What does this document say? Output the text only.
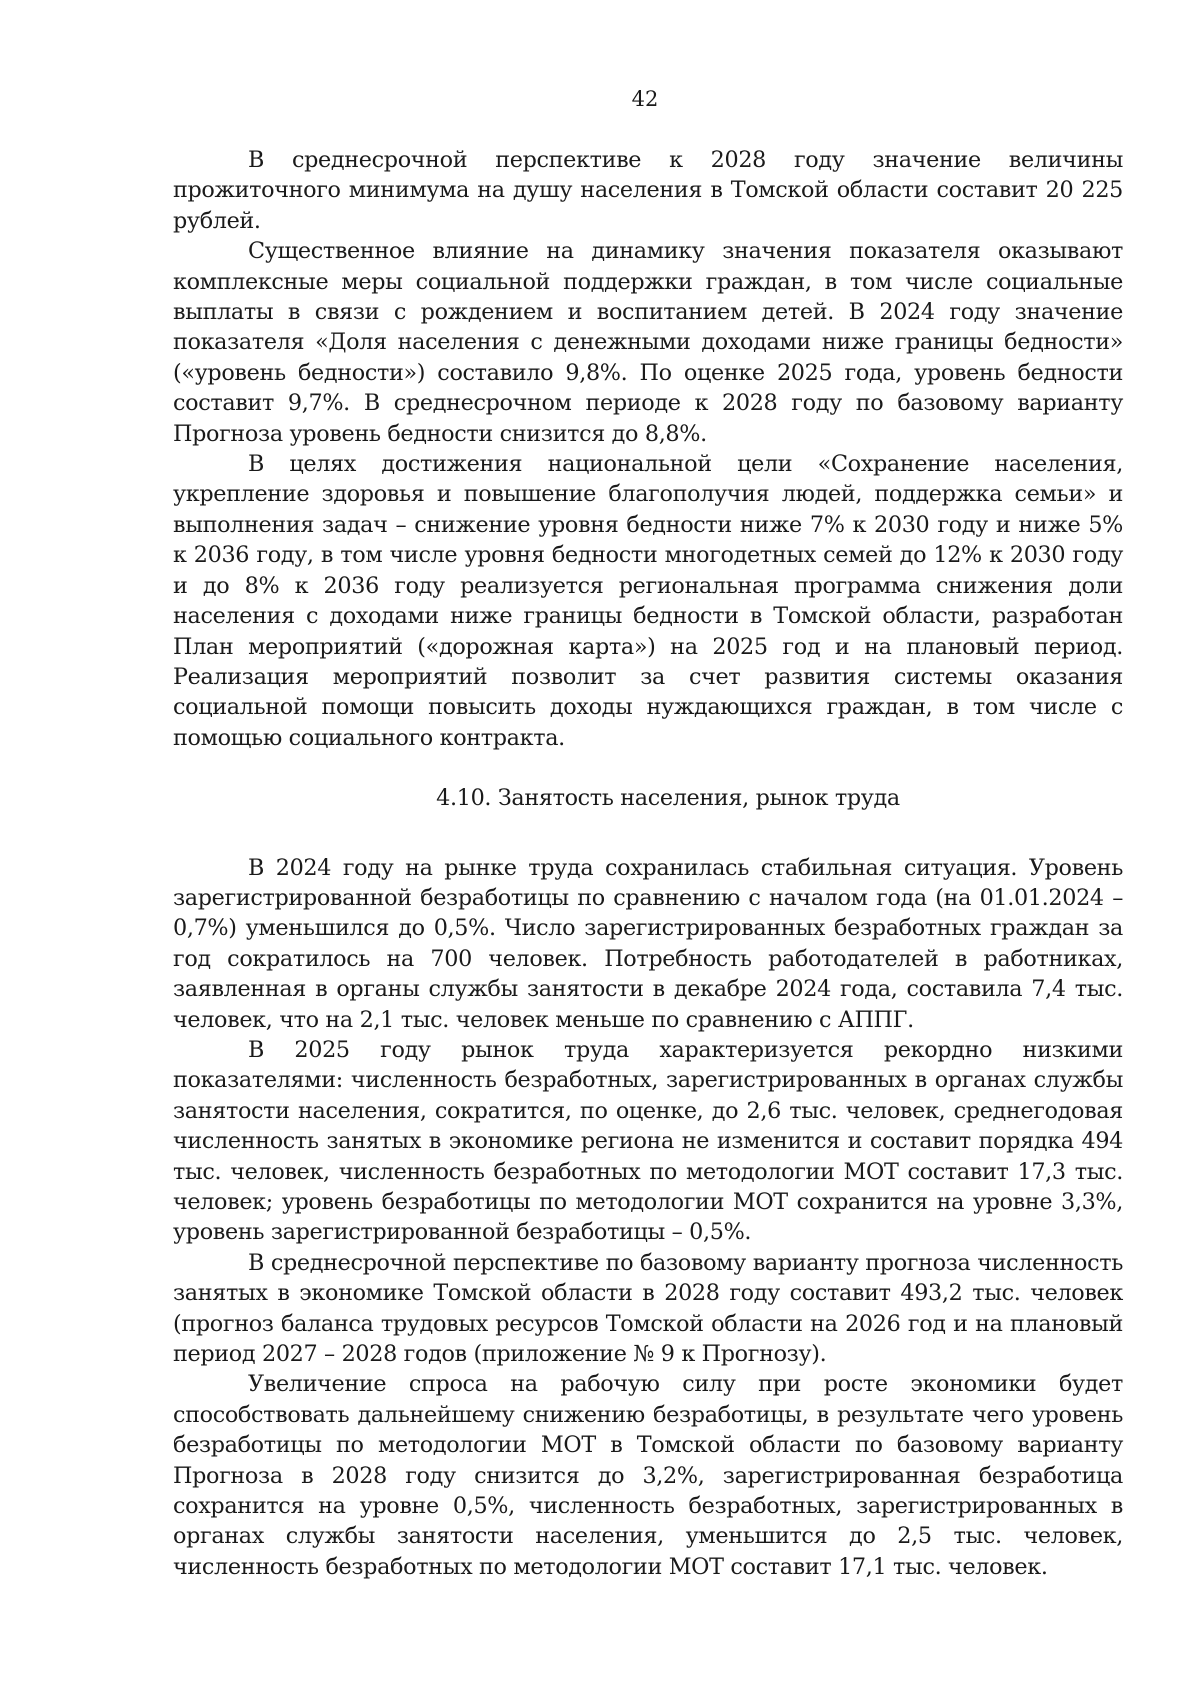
42

В среднесрочной перспективе к 2028 году значение величины прожиточного минимума на душу населения в Томской области составит 20 225 рублей.

Существенное влияние на динамику значения показателя оказывают комплексные меры социальной поддержки граждан, в том числе социальные выплаты в связи с рождением и воспитанием детей. В 2024 году значение показателя «Доля населения с денежными доходами ниже границы бедности» («уровень бедности») составило 9,8%. По оценке 2025 года, уровень бедности составит 9,7%. В среднесрочном периоде к 2028 году по базовому варианту Прогноза уровень бедности снизится до 8,8%.

В целях достижения национальной цели «Сохранение населения, укрепление здоровья и повышение благополучия людей, поддержка семьи» и выполнения задач – снижение уровня бедности ниже 7% к 2030 году и ниже 5% к 2036 году, в том числе уровня бедности многодетных семей до 12% к 2030 году и до 8% к 2036 году реализуется региональная программа снижения доли населения с доходами ниже границы бедности в Томской области, разработан План мероприятий («дорожная карта») на 2025 год и на плановый период. Реализация мероприятий позволит за счет развития системы оказания социальной помощи повысить доходы нуждающихся граждан, в том числе с помощью социального контракта.

4.10. Занятость населения, рынок труда

В 2024 году на рынке труда сохранилась стабильная ситуация. Уровень зарегистрированной безработицы по сравнению с началом года (на 01.01.2024 – 0,7%) уменьшился до 0,5%. Число зарегистрированных безработных граждан за год сократилось на 700 человек. Потребность работодателей в работниках, заявленная в органы службы занятости в декабре 2024 года, составила 7,4 тыс. человек, что на 2,1 тыс. человек меньше по сравнению с АППГ.

В 2025 году рынок труда характеризуется рекордно низкими показателями: численность безработных, зарегистрированных в органах службы занятости населения, сократится, по оценке, до 2,6 тыс. человек, среднегодовая численность занятых в экономике региона не изменится и составит порядка 494 тыс. человек, численность безработных по методологии МОТ составит 17,3 тыс. человек; уровень безработицы по методологии МОТ сохранится на уровне 3,3%, уровень зарегистрированной безработицы – 0,5%.

В среднесрочной перспективе по базовому варианту прогноза численность занятых в экономике Томской области в 2028 году составит 493,2 тыс. человек (прогноз баланса трудовых ресурсов Томской области на 2026 год и на плановый период 2027 – 2028 годов (приложение № 9 к Прогнозу).

Увеличение спроса на рабочую силу при росте экономики будет способствовать дальнейшему снижению безработицы, в результате чего уровень безработицы по методологии МОТ в Томской области по базовому варианту Прогноза в 2028 году снизится до 3,2%, зарегистрированная безработица сохранится на уровне 0,5%, численность безработных, зарегистрированных в органах службы занятости населения, уменьшится до 2,5 тыс. человек, численность безработных по методологии МОТ составит 17,1 тыс. человек.
